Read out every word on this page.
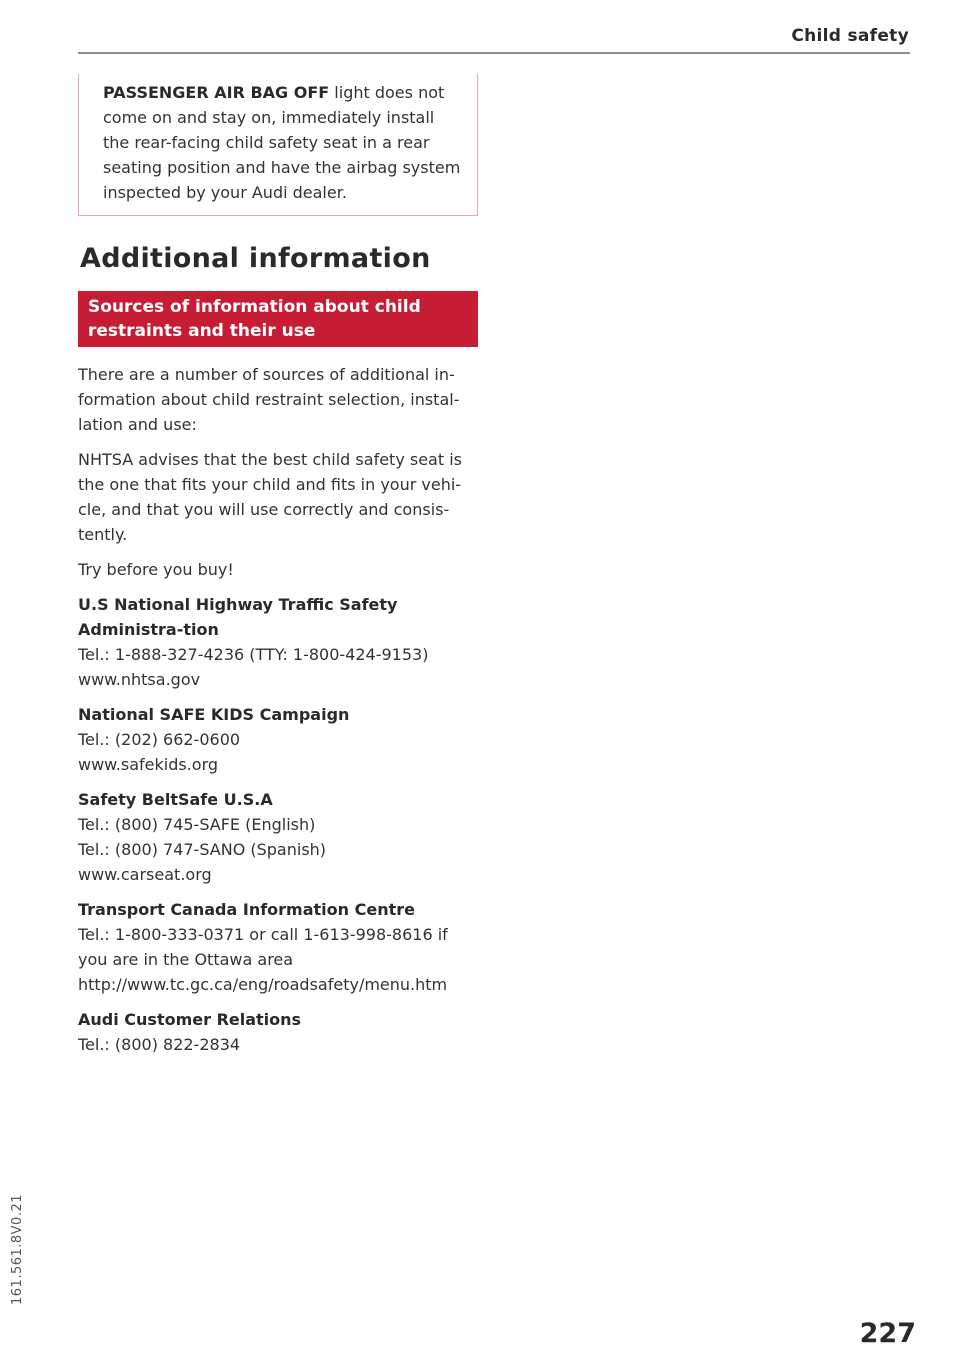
Child safety
PASSENGER AIR BAG OFF light does not come on and stay on, immediately install the rear-facing child safety seat in a rear seating position and have the airbag system inspected by your Audi dealer.
Additional information
Sources of information about child restraints and their use

There are a number of sources of additional in-formation about child restraint selection, instal-lation and use:

NHTSA advises that the best child safety seat is the one that fits your child and fits in your vehi-cle, and that you will use correctly and consis-tently.

Try before you buy!

U.S National Highway Traffic Safety Administra-tion
Tel.: 1-888-327-4236 (TTY: 1-800-424-9153)
www.nhtsa.gov
National SAFE KIDS Campaign
Tel.: (202) 662-0600
www.safekids.org
Safety BeltSafe U.S.A
Tel.: (800) 745-SAFE (English)
Tel.: (800) 747-SANO (Spanish)
www.carseat.org
Transport Canada Information Centre
Tel.: 1-800-333-0371 or call 1-613-998-8616 if you are in the Ottawa area
http://www.tc.gc.ca/eng/roadsafety/menu.htm
Audi Customer Relations
Tel.: (800) 822-2834
161.561.8V0.21
227
